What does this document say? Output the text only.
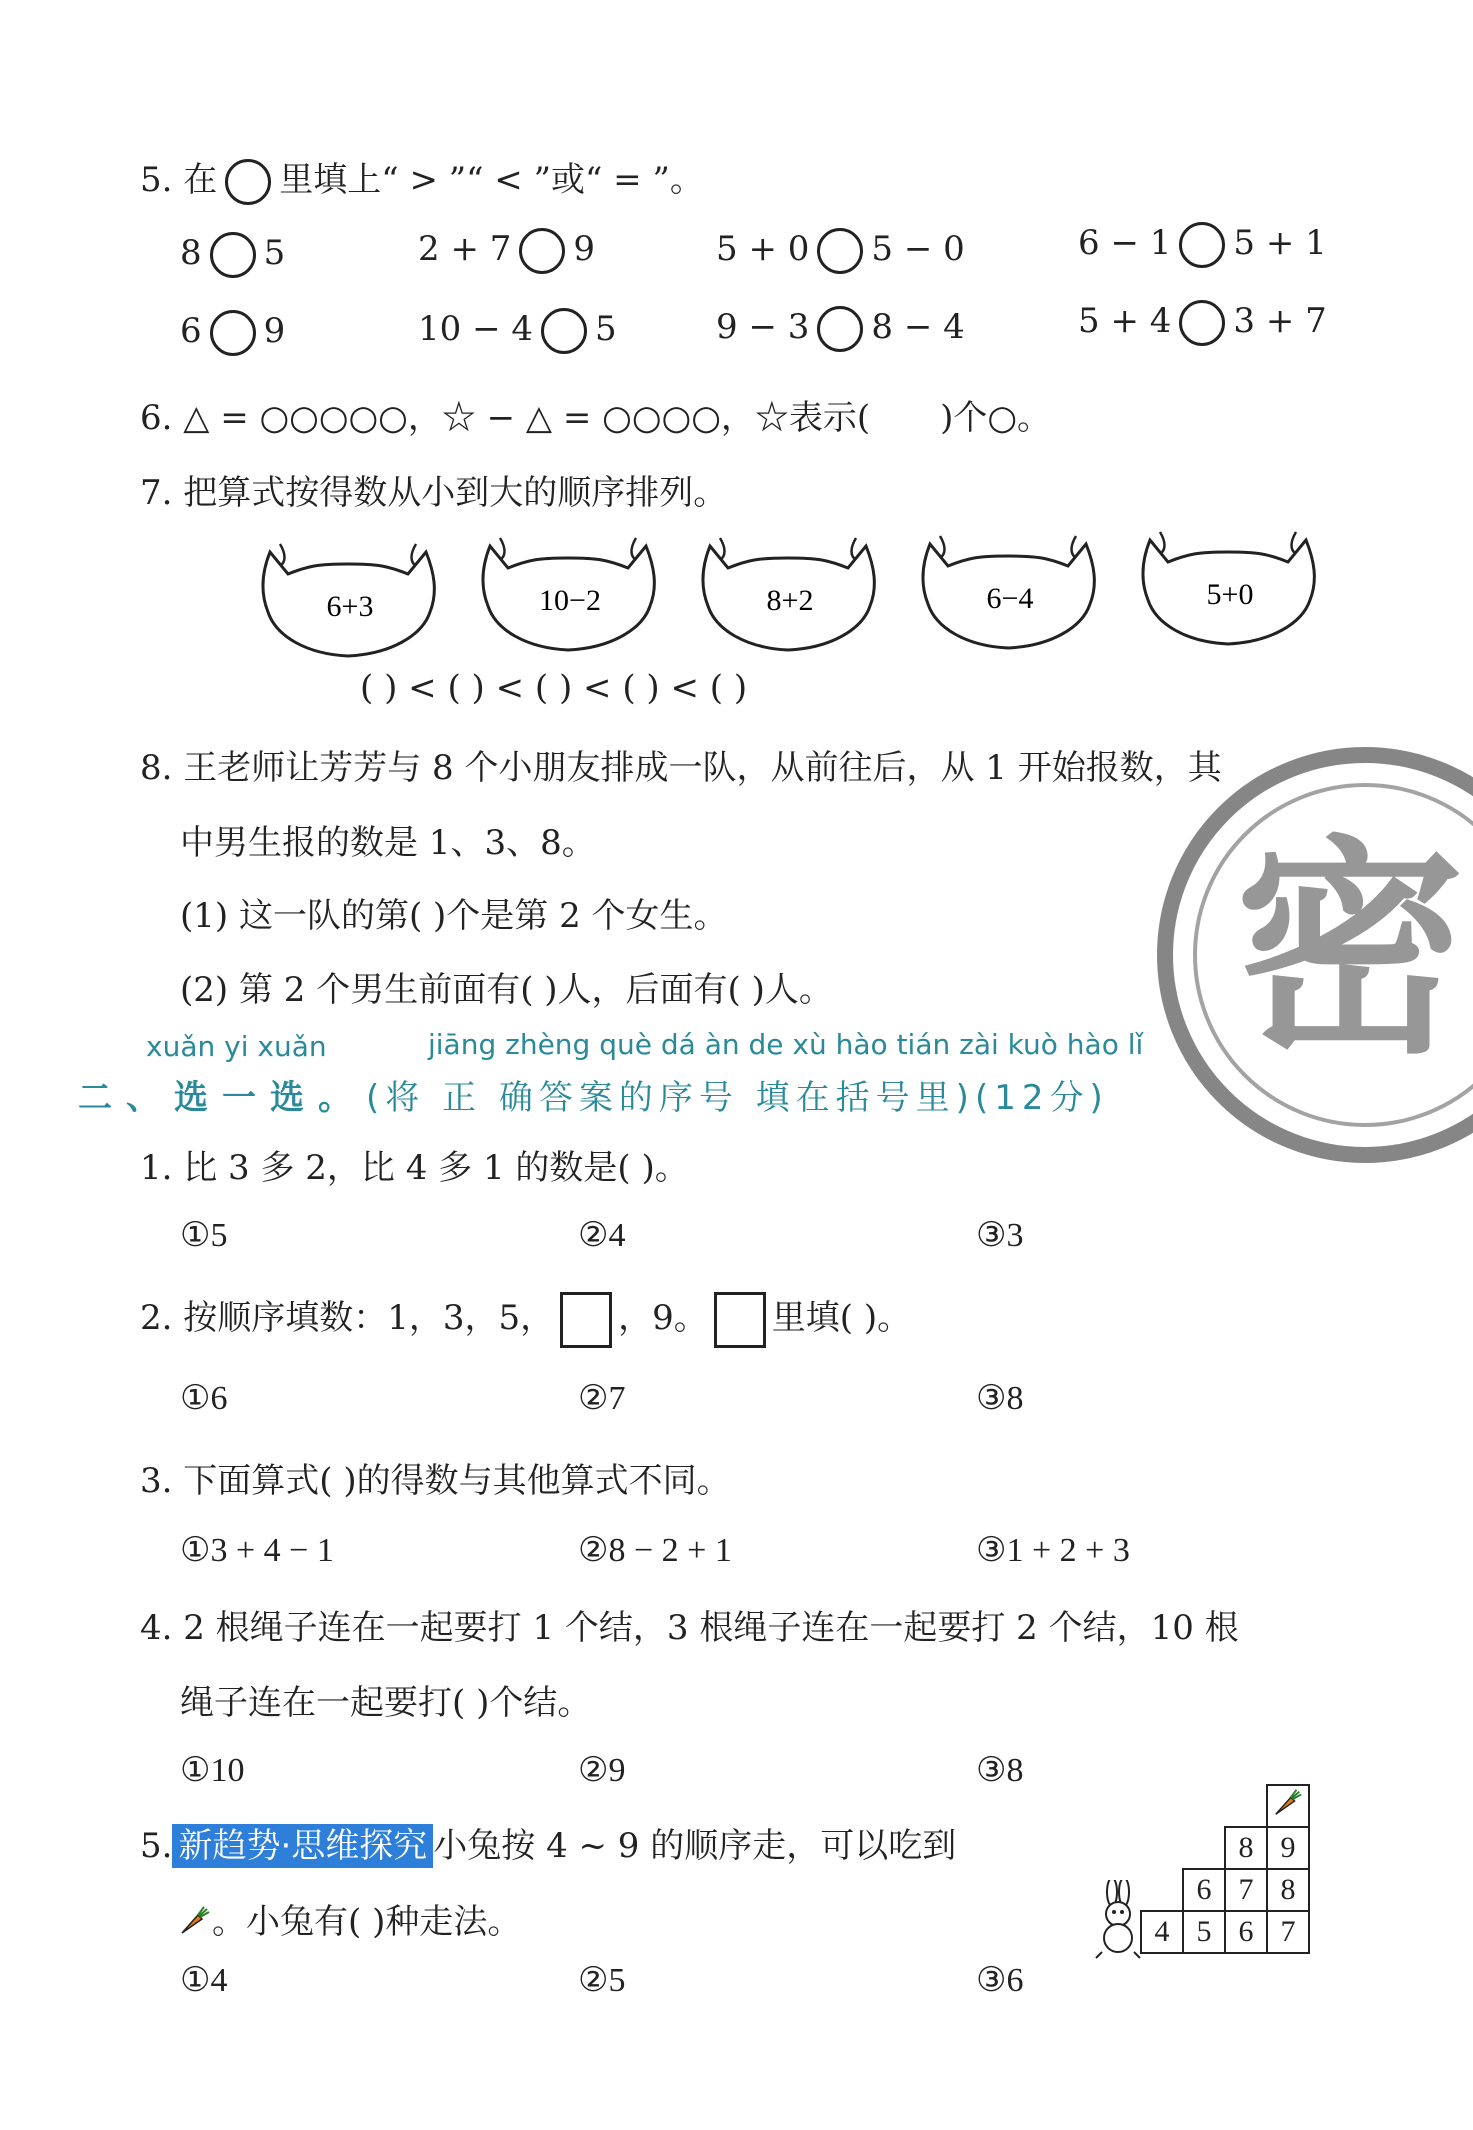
5. 在 里填上“ > ”“ < ”或“ = ”。
8 5	2 + 7 9	5 + 0 5 − 0	6 − 1 5 + 1
6 9	10 − 4 5	9 − 3 8 − 4	5 + 4 3 + 7
6. △ = ○○○○○，☆ − △ = ○○○○，☆表示( )个○。
7. 把算式按得数从小到大的顺序排列。
6+3	10−2	8+2	6−4	5+0
( ) < ( ) < ( ) < ( ) < ( )
8. 王老师让芳芳与 8 个小朋友排成一队，从前往后，从 1 开始报数，其
中男生报的数是 1、3、8。
(1) 这一队的第( )个是第 2 个女生。
(2) 第 2 个男生前面有( )人，后面有( )人。 密
xuǎn yi xuǎn	jiāng zhèng què dá àn de xù hào tián zài kuò hào lǐ
二、选一选。(将 正 确答案的序号 填在括号里)(12分)
1. 比 3 多 2，比 4 多 1 的数是( )。
①5	②4	③3
2. 按顺序填数：1，3，5， ，9。 里填( )。
①6	②7	③8
3. 下面算式( )的得数与其他算式不同。
①3 + 4 − 1	②8 − 2 + 1	③1 + 2 + 3
4. 2 根绳子连在一起要打 1 个结，3 根绳子连在一起要打 2 个结，10 根
绳子连在一起要打( )个结。
①10	②9	③8
5. 新趋势·思维探究 小兔按 4 ~ 9 的顺序走，可以吃到
。小兔有( )种走法。
①4	②5	③6

		8	9
	6	7	8
4	5	6	7
